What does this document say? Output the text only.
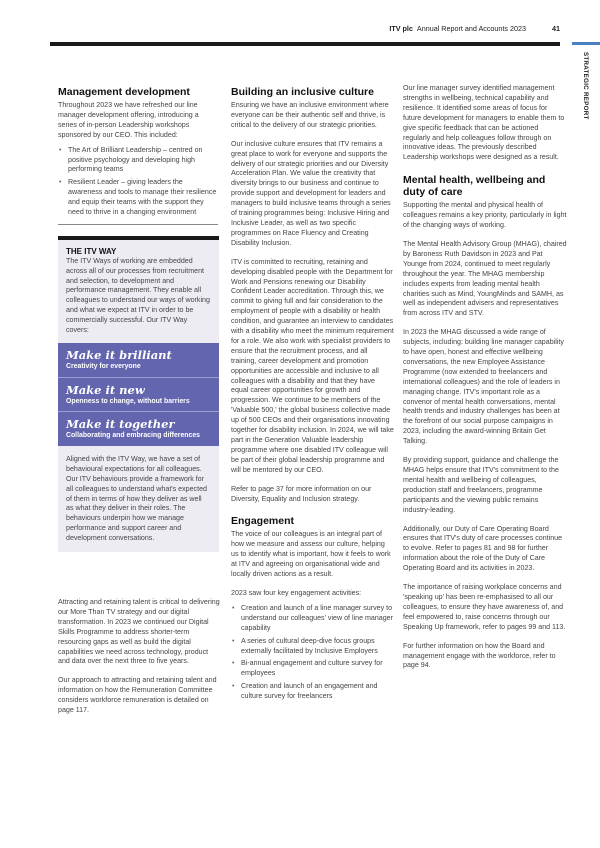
ITV plc Annual Report and Accounts 2023	41
STRATEGIC REPORT
Management development

Throughout 2023 we have refreshed our line manager development offering, introducing a series of in-person Leadership workshops sponsored by our CEO. This included:

• The Art of Brilliant Leadership – centred on positive psychology and developing high performing teams
• Resilient Leader – giving leaders the awareness and tools to manage their resilience and equip their teams with the support they need to thrive in a changing environment
THE ITV WAY
The ITV Ways of working are embedded across all of our processes from recruitment and selection, to development and performance management. They enable all colleagues to understand our ways of working and what we expect at ITV in order to be commercially successful. Our ITV Way covers:
Make it brilliant
Creativity for everyone
Make it new
Openness to change, without barriers
Make it together
Collaborating and embracing differences
Aligned with the ITV Way, we have a set of behavioural expectations for all colleagues. Our ITV behaviours provide a framework for all colleagues to understand what's expected of them in terms of how they deliver as well as what they deliver in their roles. The behaviours underpin how we manage performance and support career and development conversations.

Attracting and retaining talent is critical to delivering our More Than TV strategy and our digital transformation. In 2023 we continued our Digital Skills Programme to address shorter-term resourcing gaps as well as build the digital capabilities we need across technology, product and data over the next three to five years.

Our approach to attracting and retaining talent and information on how the Remuneration Committee considers workforce remuneration is detailed on page 117.

Building an inclusive culture

Ensuring we have an inclusive environment where everyone can be their authentic self and thrive, is critical to the delivery of our strategic priorities.

Our inclusive culture ensures that ITV remains a great place to work for everyone and supports the delivery of our strategic priorities and our Diversity Acceleration Plan. We value the creativity that diversity brings to our business and continue to provide support and development for leaders and managers to build inclusive teams through a series of training programmes being: Inclusive Hiring and Inclusive Leader, as well as two specific programmes on Race Fluency and Creating Disability Inclusion.

ITV is committed to recruiting, retaining and developing disabled people with the Department for Work and Pensions renewing our Disability Confident Leader accreditation. Through this, we commit to giving full and fair consideration to the employment of people with a disability or health condition, and guarantee an interview to candidates with a disability who meet the minimum requirement for a role. We also work with specialist providers to ensure that the recruitment process, and all training, career development and promotion opportunities are accessible and inclusive to all colleagues with a disability and that they have equal career opportunities for growth and progression. We continue to be members of the 'Valuable 500,' the global business collective made up of 500 CEOs and their organisations innovating together for disability inclusion. In 2024, we will take part in the Generation Valuable leadership programme where one disabled ITV colleague will be part of their global leadership programme and will be mentored by our CEO.

Refer to page 37 for more information on our Diversity, Equality and Inclusion strategy.

Engagement

The voice of our colleagues is an integral part of how we measure and assess our culture, helping us to identify what is important, how it feels to work at ITV and agreeing on organisational wide and locally driven actions as a result.

2023 saw four key engagement activities:

• Creation and launch of a line manager survey to understand our colleagues' view of line manager capability
• A series of cultural deep-dive focus groups externally facilitated by Inclusive Employers
• Bi-annual engagement and culture survey for employees
• Creation and launch of an engagement and culture survey for freelancers

Our line manager survey identified management strengths in wellbeing, technical capability and resilience. It identified some areas of focus for future development for managers to enable them to give specific feedback that can be actioned regularly and help colleagues follow through on innovative ideas. The previously described Leadership workshops were designed as a result.

Mental health, wellbeing and duty of care

Supporting the mental and physical health of colleagues remains a key priority, particularly in light of the changing ways of working.

The Mental Health Advisory Group (MHAG), chaired by Baroness Ruth Davidson in 2023 and Pat Younge from 2024, continued to meet regularly throughout the year. The MHAG membership includes experts from leading mental health charities such as Mind, YoungMinds and SAMH, as well as independent advisers and representatives from across ITV and STV.

In 2023 the MHAG discussed a wide range of subjects, including: building line manager capability to have open, honest and effective wellbeing conversations, the new Employee Assistance Programme (now extended to freelancers and international colleagues) and the role of leaders in managing change. ITV's important role as a convenor of mental health conversations, mental health trends and industry challenges has been at the forefront of our social purpose campaigns in 2023, including the award-winning Britain Get Talking.

By providing support, guidance and challenge the MHAG helps ensure that ITV's commitment to the mental health and wellbeing of colleagues, production staff and freelancers, programme participants and the viewing public remains industry-leading.

Additionally, our Duty of Care Operating Board ensures that ITV's duty of care processes continue to evolve. Refer to pages 81 and 98 for further information about the role of the Duty of Care Operating Board and its activities in 2023.

The importance of raising workplace concerns and 'speaking up' has been re-emphasised to all our colleagues, to ensure they have awareness of, and feel empowered to, raise concerns through our Speaking Up framework, refer to pages 99 and 113.

For further information on how the Board and management engage with the workforce, refer to page 94.
